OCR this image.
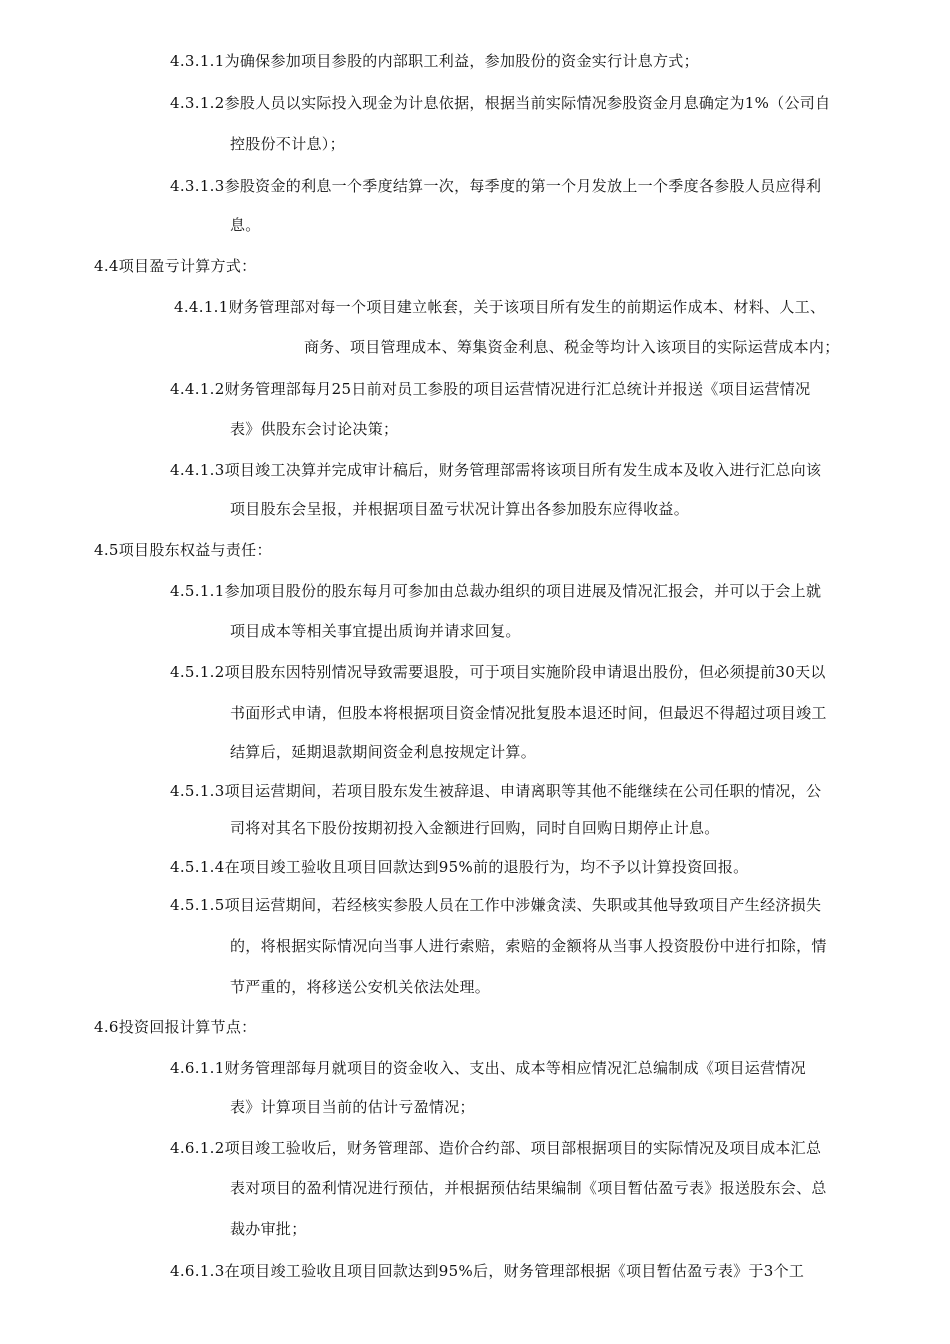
4.3.1.1为确保参加项目参股的内部职工利益，参加股份的资金实行计息方式；
4.3.1.2参股人员以实际投入现金为计息依据，根据当前实际情况参股资金月息确定为1%（公司自
控股份不计息）；
4.3.1.3参股资金的利息一个季度结算一次，每季度的第一个月发放上一个季度各参股人员应得利
息。
4.4项目盈亏计算方式：
4.4.1.1财务管理部对每一个项目建立帐套，关于该项目所有发生的前期运作成本、材料、人工、
商务、项目管理成本、筹集资金利息、税金等均计入该项目的实际运营成本内；
4.4.1.2财务管理部每月25日前对员工参股的项目运营情况进行汇总统计并报送《项目运营情况
表》供股东会讨论决策；
4.4.1.3项目竣工决算并完成审计稿后，财务管理部需将该项目所有发生成本及收入进行汇总向该
项目股东会呈报，并根据项目盈亏状况计算出各参加股东应得收益。
4.5项目股东权益与责任：
4.5.1.1参加项目股份的股东每月可参加由总裁办组织的项目进展及情况汇报会，并可以于会上就
项目成本等相关事宜提出质询并请求回复。
4.5.1.2项目股东因特别情况导致需要退股，可于项目实施阶段申请退出股份，但必须提前30天以
书面形式申请，但股本将根据项目资金情况批复股本退还时间，但最迟不得超过项目竣工
结算后，延期退款期间资金利息按规定计算。
4.5.1.3项目运营期间，若项目股东发生被辞退、申请离职等其他不能继续在公司任职的情况，公
司将对其名下股份按期初投入金额进行回购，同时自回购日期停止计息。
4.5.1.4在项目竣工验收且项目回款达到95%前的退股行为，均不予以计算投资回报。
4.5.1.5项目运营期间，若经核实参股人员在工作中涉嫌贪渎、失职或其他导致项目产生经济损失
的，将根据实际情况向当事人进行索赔，索赔的金额将从当事人投资股份中进行扣除，情
节严重的，将移送公安机关依法处理。
4.6投资回报计算节点：
4.6.1.1财务管理部每月就项目的资金收入、支出、成本等相应情况汇总编制成《项目运营情况
表》计算项目当前的估计亏盈情况；
4.6.1.2项目竣工验收后，财务管理部、造价合约部、项目部根据项目的实际情况及项目成本汇总
表对项目的盈利情况进行预估，并根据预估结果编制《项目暂估盈亏表》报送股东会、总
裁办审批；
4.6.1.3在项目竣工验收且项目回款达到95%后，财务管理部根据《项目暂估盈亏表》于3个工
